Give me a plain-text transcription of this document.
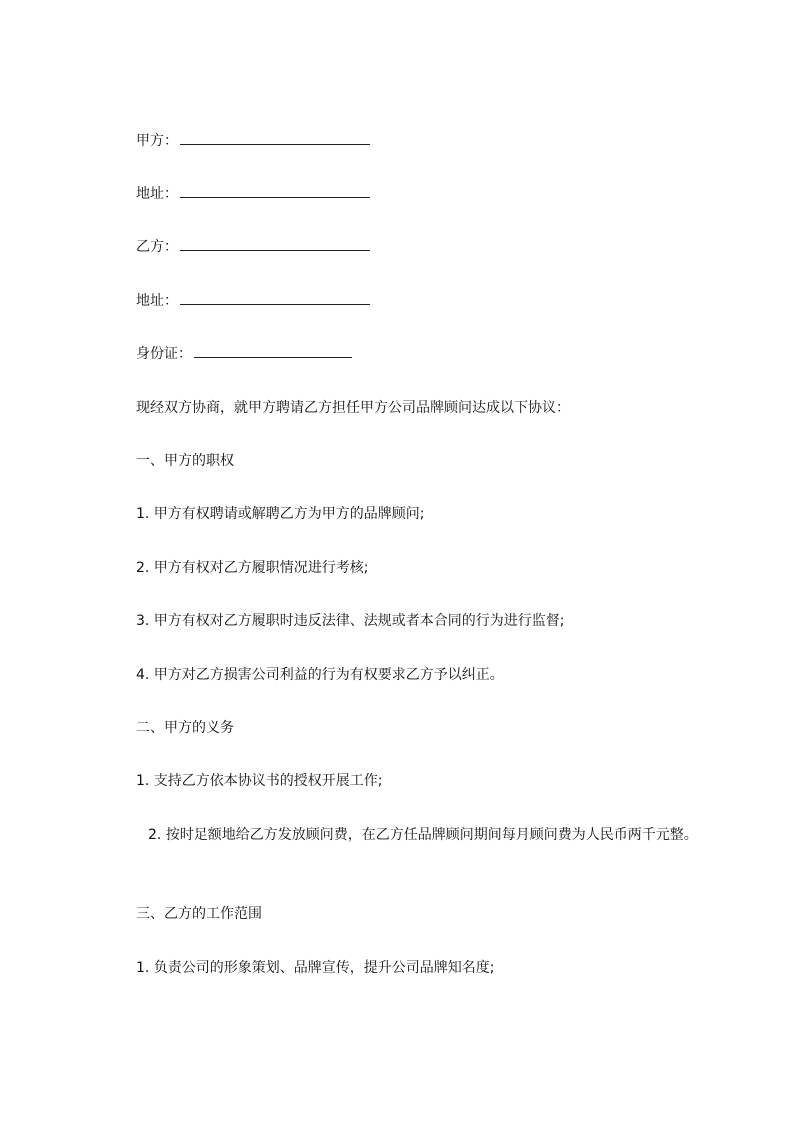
甲方：
地址：
乙方：
地址：
身份证：
现经双方协商，就甲方聘请乙方担任甲方公司品牌顾问达成以下协议：
一、甲方的职权
1. 甲方有权聘请或解聘乙方为甲方的品牌顾问;
2. 甲方有权对乙方履职情况进行考核;
3. 甲方有权对乙方履职时违反法律、法规或者本合同的行为进行监督;
4. 甲方对乙方损害公司利益的行为有权要求乙方予以纠正。
二、甲方的义务
1. 支持乙方依本协议书的授权开展工作;
2. 按时足额地给乙方发放顾问费，在乙方任品牌顾问期间每月顾问费为人民币两千元整。
三、乙方的工作范围
1. 负责公司的形象策划、品牌宣传，提升公司品牌知名度;
